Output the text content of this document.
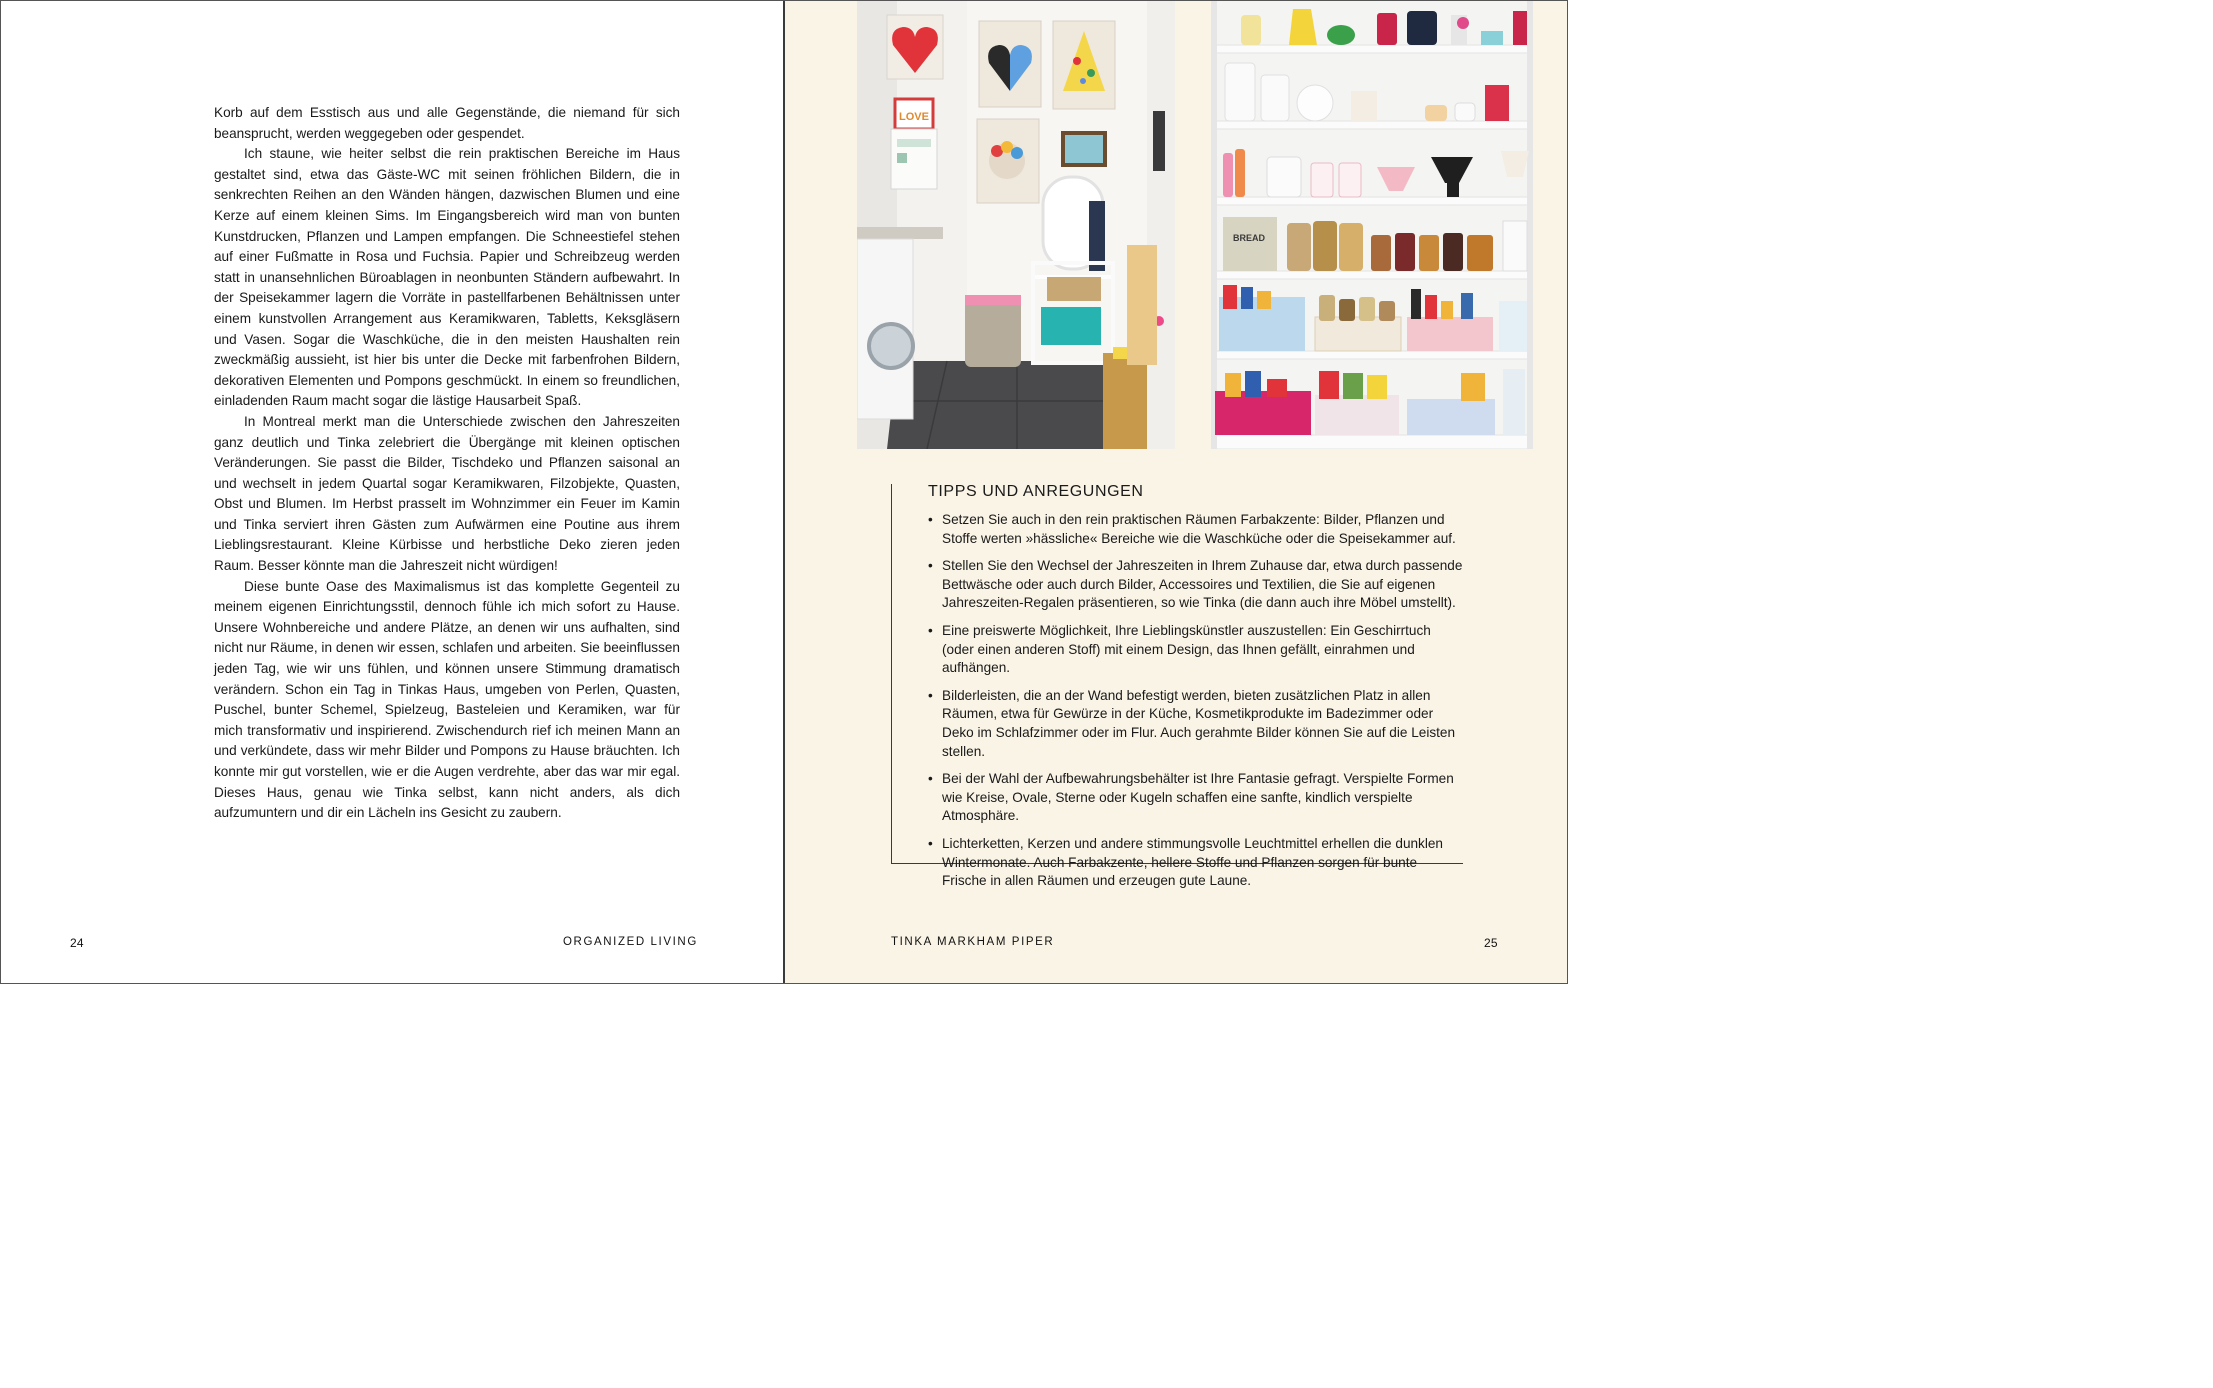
Korb auf dem Esstisch aus und alle Gegenstände, die niemand für sich beansprucht, werden weggegeben oder gespendet.

Ich staune, wie heiter selbst die rein praktischen Bereiche im Haus gestaltet sind, etwa das Gäste-WC mit seinen fröhlichen Bildern, die in senkrechten Reihen an den Wänden hängen, dazwischen Blumen und eine Kerze auf einem kleinen Sims. Im Eingangsbereich wird man von bunten Kunstdrucken, Pflanzen und Lampen empfangen. Die Schneestiefel stehen auf einer Fußmatte in Rosa und Fuchsia. Papier und Schreibzeug werden statt in unansehnlichen Büroablagen in neonbunten Ständern aufbewahrt. In der Speisekammer lagern die Vorräte in pastellfarbenen Behältnissen unter einem kunstvollen Arrangement aus Keramikwaren, Tabletts, Keksgläsern und Vasen. Sogar die Waschküche, die in den meisten Haushalten rein zweckmäßig aussieht, ist hier bis unter die Decke mit farbenfrohen Bildern, dekorativen Elementen und Pompons geschmückt. In einem so freundlichen, einladenden Raum macht sogar die lästige Hausarbeit Spaß.

In Montreal merkt man die Unterschiede zwischen den Jahreszeiten ganz deutlich und Tinka zelebriert die Übergänge mit kleinen optischen Veränderungen. Sie passt die Bilder, Tischdeko und Pflanzen saisonal an und wechselt in jedem Quartal sogar Keramikwaren, Filzobjekte, Quasten, Obst und Blumen. Im Herbst prasselt im Wohnzimmer ein Feuer im Kamin und Tinka serviert ihren Gästen zum Aufwärmen eine Poutine aus ihrem Lieblingsrestaurant. Kleine Kürbisse und herbstliche Deko zieren jeden Raum. Besser könnte man die Jahreszeit nicht würdigen!

Diese bunte Oase des Maximalismus ist das komplette Gegenteil zu meinem eigenen Einrichtungsstil, dennoch fühle ich mich sofort zu Hause. Unsere Wohnbereiche und andere Plätze, an denen wir uns aufhalten, sind nicht nur Räume, in denen wir essen, schlafen und arbeiten. Sie beeinflussen jeden Tag, wie wir uns fühlen, und können unsere Stimmung dramatisch verändern. Schon ein Tag in Tinkas Haus, umgeben von Perlen, Quasten, Puschel, bunter Schemel, Spielzeug, Basteleien und Keramiken, war für mich transformativ und inspirierend. Zwischendurch rief ich meinen Mann an und verkündete, dass wir mehr Bilder und Pompons zu Hause bräuchten. Ich konnte mir gut vorstellen, wie er die Augen verdrehte, aber das war mir egal. Dieses Haus, genau wie Tinka selbst, kann nicht anders, als dich aufzumuntern und dir ein Lächeln ins Gesicht zu zaubern.

24	ORGANIZED LIVING
LOVE
BREAD
TIPPS UND ANREGUNGEN
• Setzen Sie auch in den rein praktischen Räumen Farbakzente: Bilder, Pflanzen und Stoffe werten »hässliche« Bereiche wie die Waschküche oder die Speisekammer auf.
• Stellen Sie den Wechsel der Jahreszeiten in Ihrem Zuhause dar, etwa durch passende Bettwäsche oder auch durch Bilder, Accessoires und Textilien, die Sie auf eigenen Jahreszeiten-Regalen präsentieren, so wie Tinka (die dann auch ihre Möbel umstellt).
• Eine preiswerte Möglichkeit, Ihre Lieblingskünstler auszustellen: Ein Geschirrtuch (oder einen anderen Stoff) mit einem Design, das Ihnen gefällt, einrahmen und aufhängen.
• Bilderleisten, die an der Wand befestigt werden, bieten zusätzlichen Platz in allen Räumen, etwa für Gewürze in der Küche, Kosmetikprodukte im Badezimmer oder Deko im Schlafzimmer oder im Flur. Auch gerahmte Bilder können Sie auf die Leisten stellen.
• Bei der Wahl der Aufbewahrungsbehälter ist Ihre Fantasie gefragt. Verspielte Formen wie Kreise, Ovale, Sterne oder Kugeln schaffen eine sanfte, kindlich verspielte Atmosphäre.
• Lichterketten, Kerzen und andere stimmungsvolle Leuchtmittel erhellen die dunklen Wintermonate. Auch Farbakzente, hellere Stoffe und Pflanzen sorgen für bunte Frische in allen Räumen und erzeugen gute Laune.
TINKA MARKHAM PIPER	25
